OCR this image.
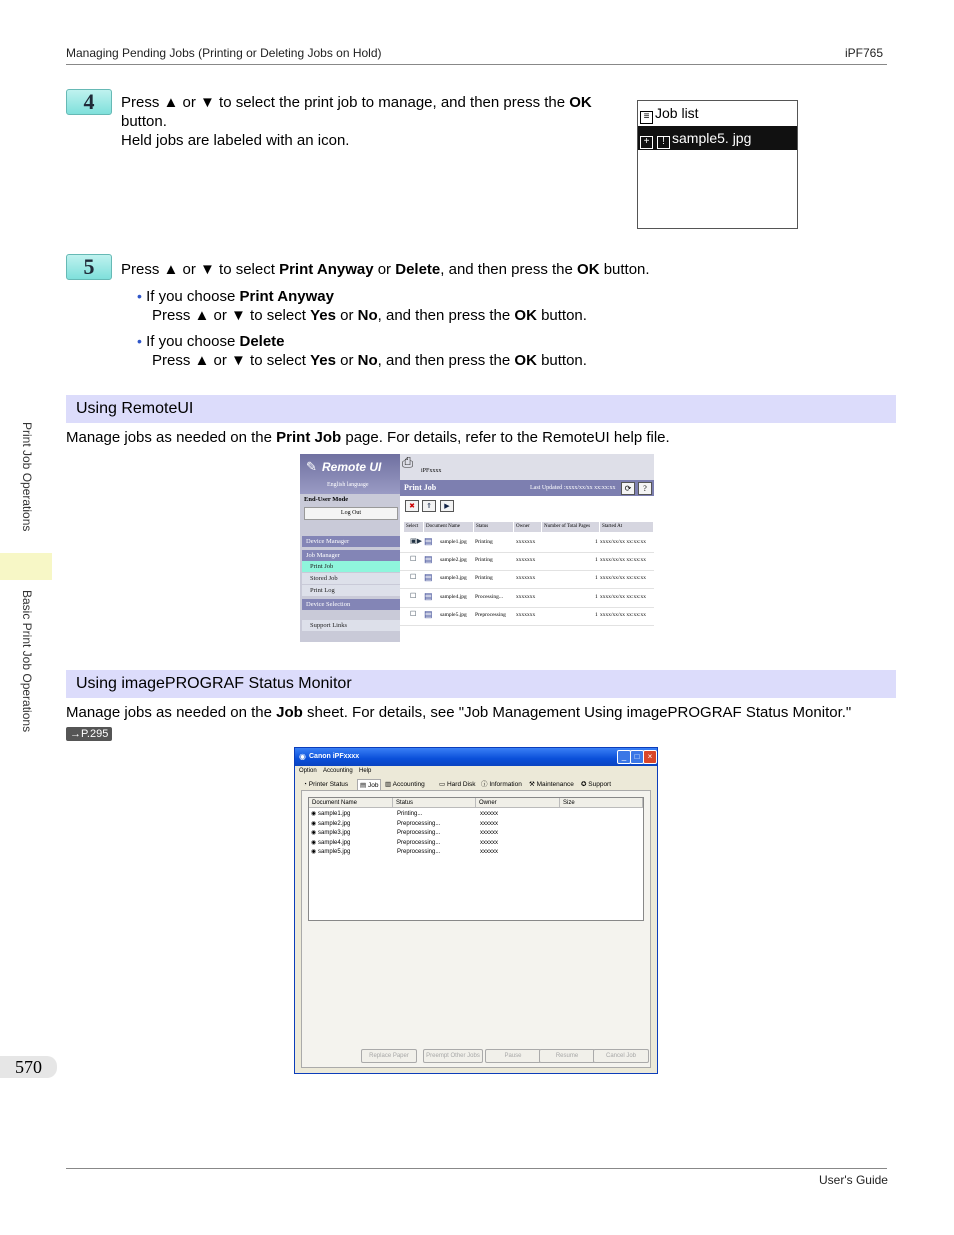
Managing Pending Jobs (Printing or Deleting Jobs on Hold)	iPF765
4	Press ▲ or ▼ to select the print job to manage, and then press the OK
button.
Held jobs are labeled with an icon.
≡ Job list
+ ! sample5. jpg
5	Press ▲ or ▼ to select Print Anyway or Delete, and then press the OK button.
• If you choose Print Anyway
Press ▲ or ▼ to select Yes or No, and then press the OK button.
• If you choose Delete
Press ▲ or ▼ to select Yes or No, and then press the OK button.
Using RemoteUI
Manage jobs as needed on the Print Job page. For details, refer to the RemoteUI help file.
✎ Remote UI
English language
End-User Mode
Log Out
Device Manager
Job Manager
Print Job
Stored Job
Print Log
Device Selection
Support Links
⎙ iPFxxxx
Print Job	Last Updated :xxxx/xx/xx xx:xx:xx	⟳	?
✖	⇑	▶
Select	Document Name	Status	Owner	Number of Total Pages	Started At
▣▶ ▤ sample1.jpg Printing	xxxxxxx	1 xxxx/xx/xx xx:xx:xx
☐ ▤ sample2.jpg Printing	xxxxxxx	1 xxxx/xx/xx xx:xx:xx
☐ ▤ sample3.jpg Printing	xxxxxxx	1 xxxx/xx/xx xx:xx:xx
☐ ▤ sample4.jpg Processing... xxxxxxx	1 xxxx/xx/xx xx:xx:xx
☐ ▤ sample5.jpg Preprocessing xxxxxxx	1 xxxx/xx/xx xx:xx:xx
Using imagePROGRAF Status Monitor
Manage jobs as needed on the Job sheet. For details, see "Job Management Using imagePROGRAF Status Monitor."
→P.295
◉ Canon iPFxxxx	_	□	×
Option Accounting Help
◔ Printer Status	▤ Job	▥ Accounting ▭ Hard Disk ⓘ Information ⚒ Maintenance ✪ Support
Document Name	Status	Owner	Size
◉ sample1.jpg	Printing...	xxxxxx
◉ sample2.jpg	Preprocessing...	xxxxxx
◉ sample3.jpg	Preprocessing...	xxxxxx
◉ sample4.jpg	Preprocessing...	xxxxxx
◉ sample5.jpg	Preprocessing...	xxxxxx
Replace Paper	Preempt Other Jobs	Pause	Resume	Cancel Job
Print Job Operations
Basic Print Job Operations
570
User's Guide
